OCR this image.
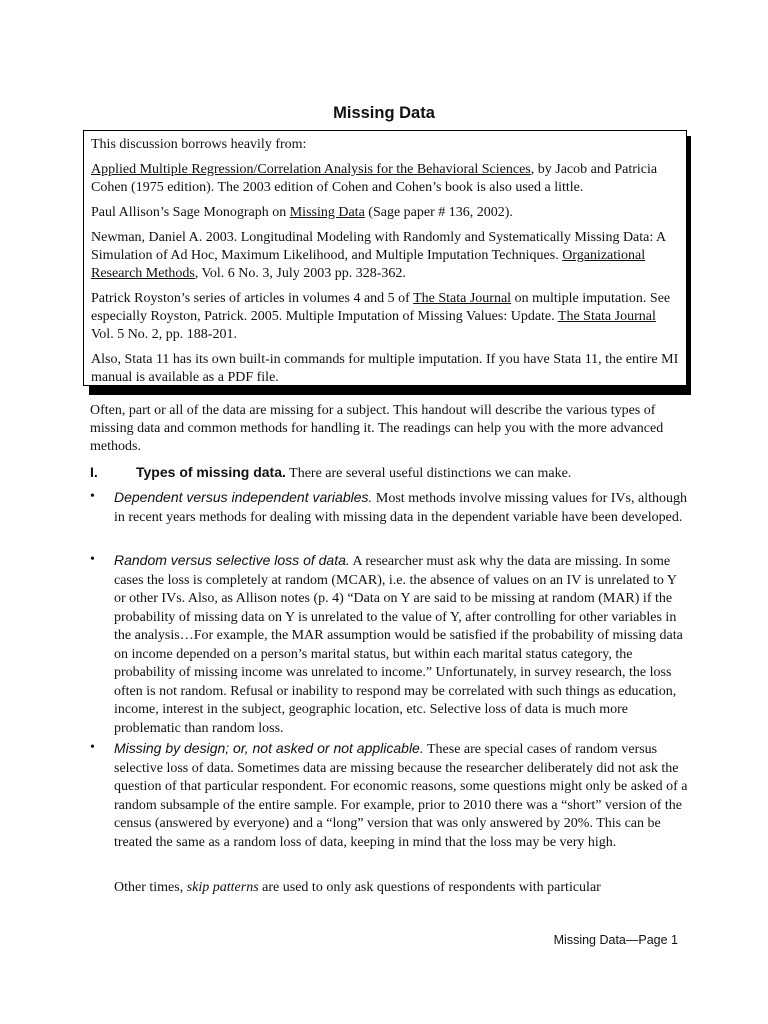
Missing Data

This discussion borrows heavily from:

Applied Multiple Regression/Correlation Analysis for the Behavioral Sciences, by Jacob and Patricia Cohen (1975 edition). The 2003 edition of Cohen and Cohen’s book is also used a little.

Paul Allison’s Sage Monograph on Missing Data (Sage paper # 136, 2002).

Newman, Daniel A. 2003. Longitudinal Modeling with Randomly and Systematically Missing Data: A Simulation of Ad Hoc, Maximum Likelihood, and Multiple Imputation Techniques. Organizational Research Methods, Vol. 6 No. 3, July 2003 pp. 328-362.

Patrick Royston’s series of articles in volumes 4 and 5 of The Stata Journal on multiple imputation. See especially Royston, Patrick. 2005. Multiple Imputation of Missing Values: Update. The Stata Journal Vol. 5 No. 2, pp. 188-201.

Also, Stata 11 has its own built-in commands for multiple imputation. If you have Stata 11, the entire MI manual is available as a PDF file.

Often, part or all of the data are missing for a subject. This handout will describe the various types of missing data and common methods for handling it. The readings can help you with the more advanced methods.

I.	Types of missing data. There are several useful distinctions we can make.

• Dependent versus independent variables. Most methods involve missing values for IVs, although in recent years methods for dealing with missing data in the dependent variable have been developed.
• Random versus selective loss of data. A researcher must ask why the data are missing. In some cases the loss is completely at random (MCAR), i.e. the absence of values on an IV is unrelated to Y or other IVs. Also, as Allison notes (p. 4) “Data on Y are said to be missing at random (MAR) if the probability of missing data on Y is unrelated to the value of Y, after controlling for other variables in the analysis…For example, the MAR assumption would be satisfied if the probability of missing data on income depended on a person’s marital status, but within each marital status category, the probability of missing income was unrelated to income.” Unfortunately, in survey research, the loss often is not random. Refusal or inability to respond may be correlated with such things as education, income, interest in the subject, geographic location, etc. Selective loss of data is much more problematic than random loss.
• Missing by design; or, not asked or not applicable. These are special cases of random versus selective loss of data. Sometimes data are missing because the researcher deliberately did not ask the question of that particular respondent. For economic reasons, some questions might only be asked of a random subsample of the entire sample. For example, prior to 2010 there was a “short” version of the census (answered by everyone) and a “long” version that was only answered by 20%. This can be treated the same as a random loss of data, keeping in mind that the loss may be very high.

Other times, skip patterns are used to only ask questions of respondents with particular

Missing Data—Page 1
